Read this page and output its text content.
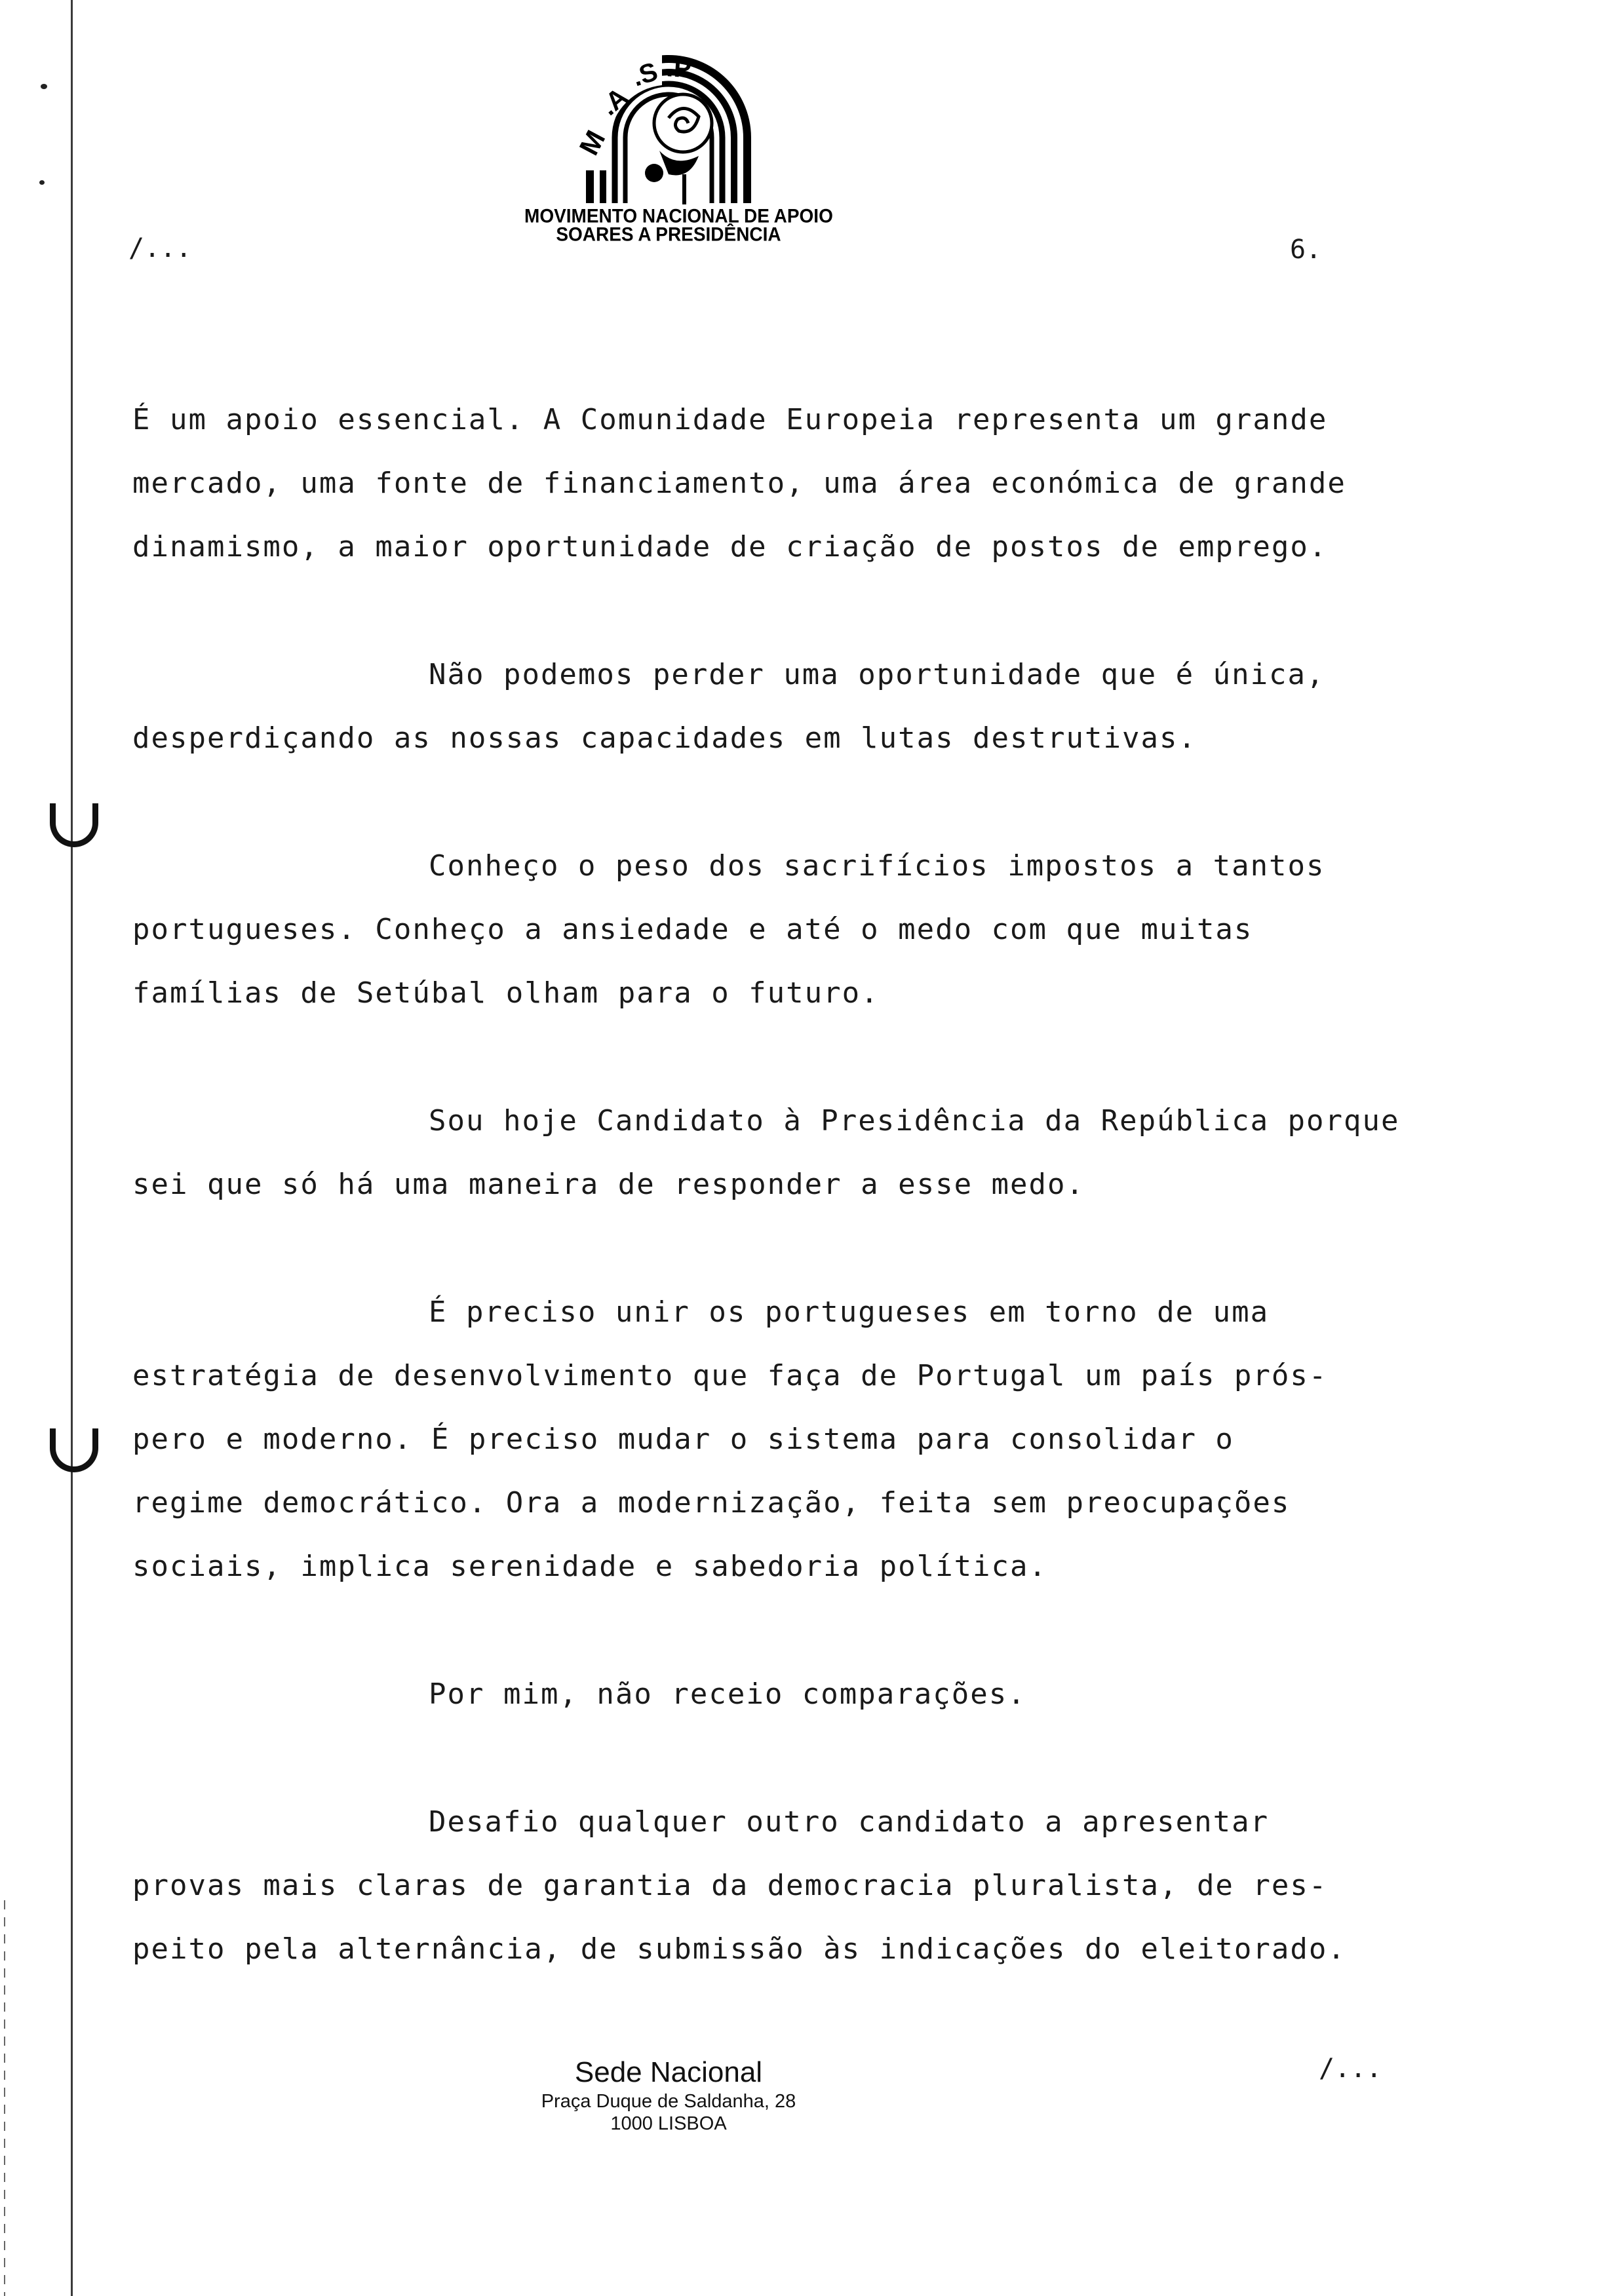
/...
M
.A
.S .P.
MOVIMENTO NACIONAL DE APOIO
SOARES A PRESIDÊNCIA
6.
É um apoio essencial. A Comunidade Europeia representa um grande
mercado, uma fonte de financiamento, uma área económica de grande
dinamismo, a maior oportunidade de criação de postos de emprego.
Não podemos perder uma oportunidade que é única,
desperdiçando as nossas capacidades em lutas destrutivas.
Conheço o peso dos sacrifícios impostos a tantos
portugueses. Conheço a ansiedade e até o medo com que muitas
famílias de Setúbal olham para o futuro.
Sou hoje Candidato à Presidência da República porque
sei que só há uma maneira de responder a esse medo.
É preciso unir os portugueses em torno de uma
estratégia de desenvolvimento que faça de Portugal um país prós-
pero e moderno. É preciso mudar o sistema para consolidar o
regime democrático. Ora a modernização, feita sem preocupações
sociais, implica serenidade e sabedoria política.
Por mim, não receio comparações.
Desafio qualquer outro candidato a apresentar
provas mais claras de garantia da democracia pluralista, de res-
peito pela alternância, de submissão às indicações do eleitorado.
Sede Nacional
Praça Duque de Saldanha, 28
1000 LISBOA
/...
